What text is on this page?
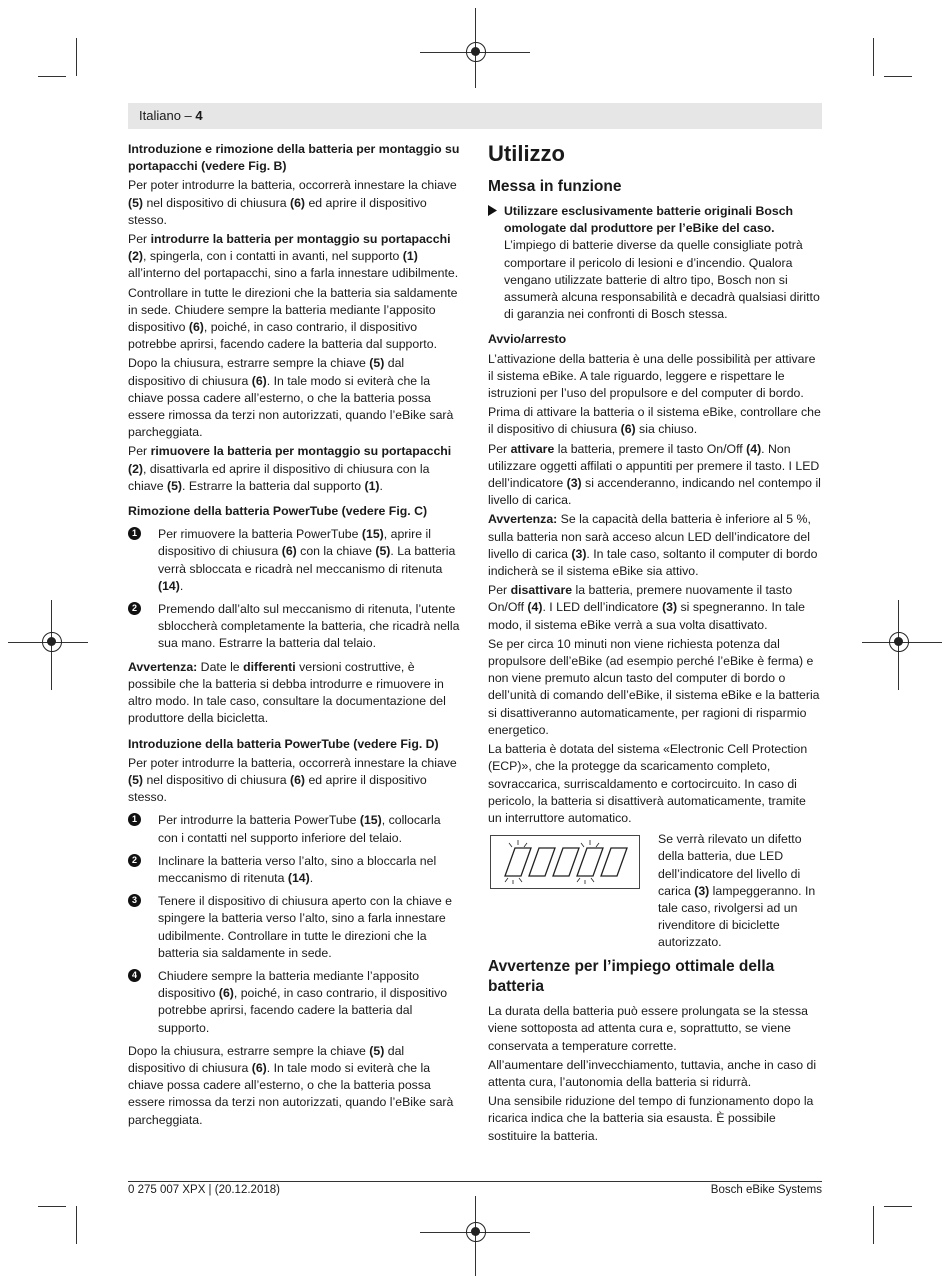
Italiano – 4
Introduzione e rimozione della batteria per montaggio su portapacchi (vedere Fig. B)

Per poter introdurre la batteria, occorrerà innestare la chiave (5) nel dispositivo di chiusura (6) ed aprire il dispositivo stesso.

Per introdurre la batteria per montaggio su portapacchi (2), spingerla, con i contatti in avanti, nel supporto (1) all’interno del portapacchi, sino a farla innestare udibilmente.

Controllare in tutte le direzioni che la batteria sia saldamente in sede. Chiudere sempre la batteria mediante l’apposito dispositivo (6), poiché, in caso contrario, il dispositivo potrebbe aprirsi, facendo cadere la batteria dal supporto.

Dopo la chiusura, estrarre sempre la chiave (5) dal dispositivo di chiusura (6). In tale modo si eviterà che la chiave possa cadere all’esterno, o che la batteria possa essere rimossa da terzi non autorizzati, quando l’eBike sarà parcheggiata.

Per rimuovere la batteria per montaggio su portapacchi (2), disattivarla ed aprire il dispositivo di chiusura con la chiave (5). Estrarre la batteria dal supporto (1).

Rimozione della batteria PowerTube (vedere Fig. C)
1	Per rimuovere la batteria PowerTube (15), aprire il dispositivo di chiusura (6) con la chiave (5). La batteria verrà sbloccata e ricadrà nel meccanismo di ritenuta (14).
2	Premendo dall’alto sul meccanismo di ritenuta, l’utente sbloccherà completamente la batteria, che ricadrà nella sua mano. Estrarre la batteria dal telaio.

Avvertenza: Date le differenti versioni costruttive, è possibile che la batteria si debba introdurre e rimuovere in altro modo. In tale caso, consultare la documentazione del produttore della bicicletta.

Introduzione della batteria PowerTube (vedere Fig. D)

Per poter introdurre la batteria, occorrerà innestare la chiave (5) nel dispositivo di chiusura (6) ed aprire il dispositivo stesso.

1	Per introdurre la batteria PowerTube (15), collocarla con i contatti nel supporto inferiore del telaio.
2	Inclinare la batteria verso l’alto, sino a bloccarla nel meccanismo di ritenuta (14).
3	Tenere il dispositivo di chiusura aperto con la chiave e spingere la batteria verso l’alto, sino a farla innestare udibilmente. Controllare in tutte le direzioni che la batteria sia saldamente in sede.
4	Chiudere sempre la batteria mediante l’apposito dispositivo (6), poiché, in caso contrario, il dispositivo potrebbe aprirsi, facendo cadere la batteria dal supporto.

Dopo la chiusura, estrarre sempre la chiave (5) dal dispositivo di chiusura (6). In tale modo si eviterà che la chiave possa cadere all’esterno, o che la batteria possa essere rimossa da terzi non autorizzati, quando l’eBike sarà parcheggiata.

Utilizzo
Messa in funzione
Utilizzare esclusivamente batterie originali Bosch omologate dal produttore per l’eBike del caso. L’impiego di batterie diverse da quelle consigliate potrà comportare il pericolo di lesioni e d’incendio. Qualora vengano utilizzate batterie di altro tipo, Bosch non si assumerà alcuna responsabilità e decadrà qualsiasi diritto di garanzia nei confronti di Bosch stessa.
Avvio/arresto

L’attivazione della batteria è una delle possibilità per attivare il sistema eBike. A tale riguardo, leggere e rispettare le istruzioni per l’uso del propulsore e del computer di bordo.

Prima di attivare la batteria o il sistema eBike, controllare che il dispositivo di chiusura (6) sia chiuso.

Per attivare la batteria, premere il tasto On/Off (4). Non utilizzare oggetti affilati o appuntiti per premere il tasto. I LED dell’indicatore (3) si accenderanno, indicando nel contempo il livello di carica.

Avvertenza: Se la capacità della batteria è inferiore al 5 %, sulla batteria non sarà acceso alcun LED dell’indicatore del livello di carica (3). In tale caso, soltanto il computer di bordo indicherà se il sistema eBike sia attivo.

Per disattivare la batteria, premere nuovamente il tasto On/Off (4). I LED dell’indicatore (3) si spegneranno. In tale modo, il sistema eBike verrà a sua volta disattivato.

Se per circa 10 minuti non viene richiesta potenza dal propulsore dell’eBike (ad esempio perché l’eBike è ferma) e non viene premuto alcun tasto del computer di bordo o dell’unità di comando dell’eBike, il sistema eBike e la batteria si disattiveranno automaticamente, per ragioni di risparmio energetico.

La batteria è dotata del sistema «Electronic Cell Protection (ECP)», che la protegge da scaricamento completo, sovraccarica, surriscaldamento e cortocircuito. In caso di pericolo, la batteria si disattiverà automaticamente, tramite un interruttore automatico.

Se verrà rilevato un difetto della batteria, due LED dell’indicatore del livello di carica (3) lampeggeranno. In tale caso, rivolgersi ad un rivenditore di biciclette autorizzato.
Avvertenze per l’impiego ottimale della batteria

La durata della batteria può essere prolungata se la stessa viene sottoposta ad attenta cura e, soprattutto, se viene conservata a temperature corrette.

All’aumentare dell’invecchiamento, tuttavia, anche in caso di attenta cura, l’autonomia della batteria si ridurrà.

Una sensibile riduzione del tempo di funzionamento dopo la ricarica indica che la batteria sia esausta. È possibile sostituire la batteria.

0 275 007 XPX | (20.12.2018)	Bosch eBike Systems
